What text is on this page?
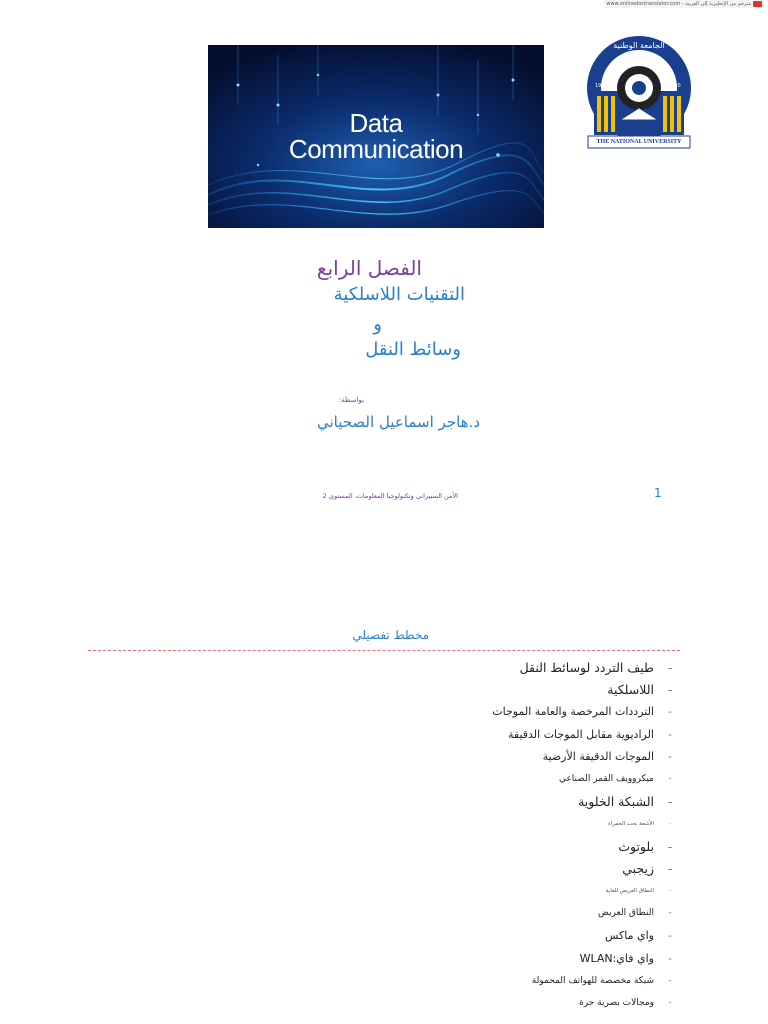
www.onlinedoctranslator.com - مترجم من الإنجليزية إلى العربية
Data
Communication
الجامعة الوطنية
1993	1440
THE NATIONAL UNIVERSITY
الفصل الرابع
التقنيات اللاسلكية
و
وسائط النقل
بواسطة:
د.هاجر اسماعيل الصحياني
الأمن السيبراني وتكنولوجيا المعلومات، المستوى 2	1
مخطط تفصيلي
-
طيف التردد لوسائط النقل
-
اللاسلكية
-
الترددات المرخصة والعامة الموجات
-
الراديوية مقابل الموجات الدقيقة
-
الموجات الدقيقة الأرضية
-
ميكروويف القمر الصناعي
-
الشبكة الخلوية
-
الأشعة تحت الحمراء
-
بلوتوث
-
زيجبي
-
النطاق العريض للغاية
-
النطاق العريض
-
واي ماكس
-
واي فاي:WLAN
-
شبكة مخصصة للهواتف المحمولة
-
ومجالات بصرية حرة
